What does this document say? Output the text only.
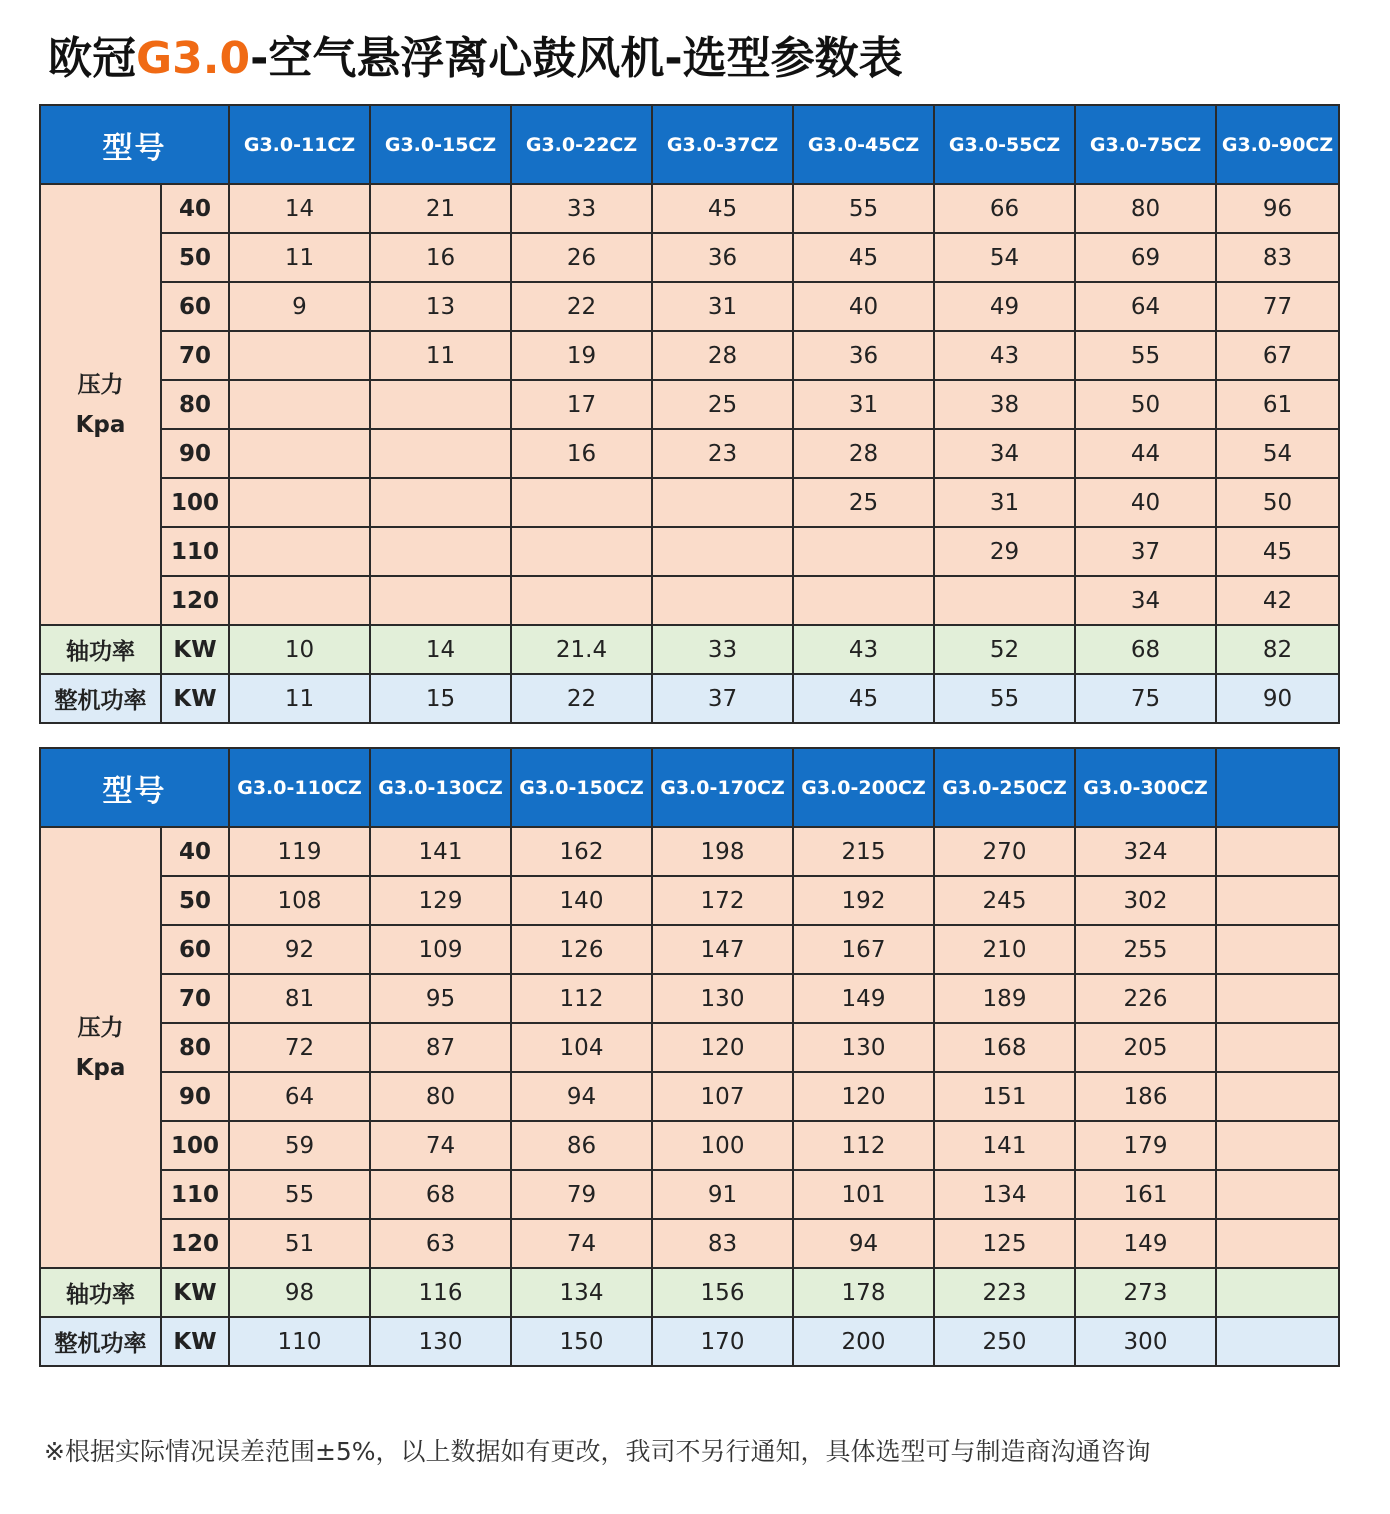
欧冠G3.0-空气悬浮离心鼓风机-选型参数表
型号		G3.0-11CZ	G3.0-15CZ	G3.0-22CZ	G3.0-37CZ	G3.0-45CZ	G3.0-55CZ	G3.0-75CZ	G3.0-90CZ

压力
Kpa	40	14	21	33	45	55	66	80	96
	50	11	16	26	36	45	54	69	83
	60	9	13	22	31	40	49	64	77
	70		11	19	28	36	43	55	67
	80			17	25	31	38	50	61
	90			16	23	28	34	44	54
	100					25	31	40	50
	110						29	37	45
	120							34	42
轴功率	KW	10	14	21.4	33	43	52	68	82
整机功率	KW	11	15	22	37	45	55	75	90
型号		G3.0-110CZ	G3.0-130CZ	G3.0-150CZ	G3.0-170CZ	G3.0-200CZ	G3.0-250CZ	G3.0-300CZ	

压力
Kpa	40	119	141	162	198	215	270	324	
	50	108	129	140	172	192	245	302	
	60	92	109	126	147	167	210	255	
	70	81	95	112	130	149	189	226	
	80	72	87	104	120	130	168	205	
	90	64	80	94	107	120	151	186	
	100	59	74	86	100	112	141	179	
	110	55	68	79	91	101	134	161	
	120	51	63	74	83	94	125	149	
轴功率	KW	98	116	134	156	178	223	273	
整机功率	KW	110	130	150	170	200	250	300	
※根据实际情况误差范围±5%，以上数据如有更改，我司不另行通知，具体选型可与制造商沟通咨询
